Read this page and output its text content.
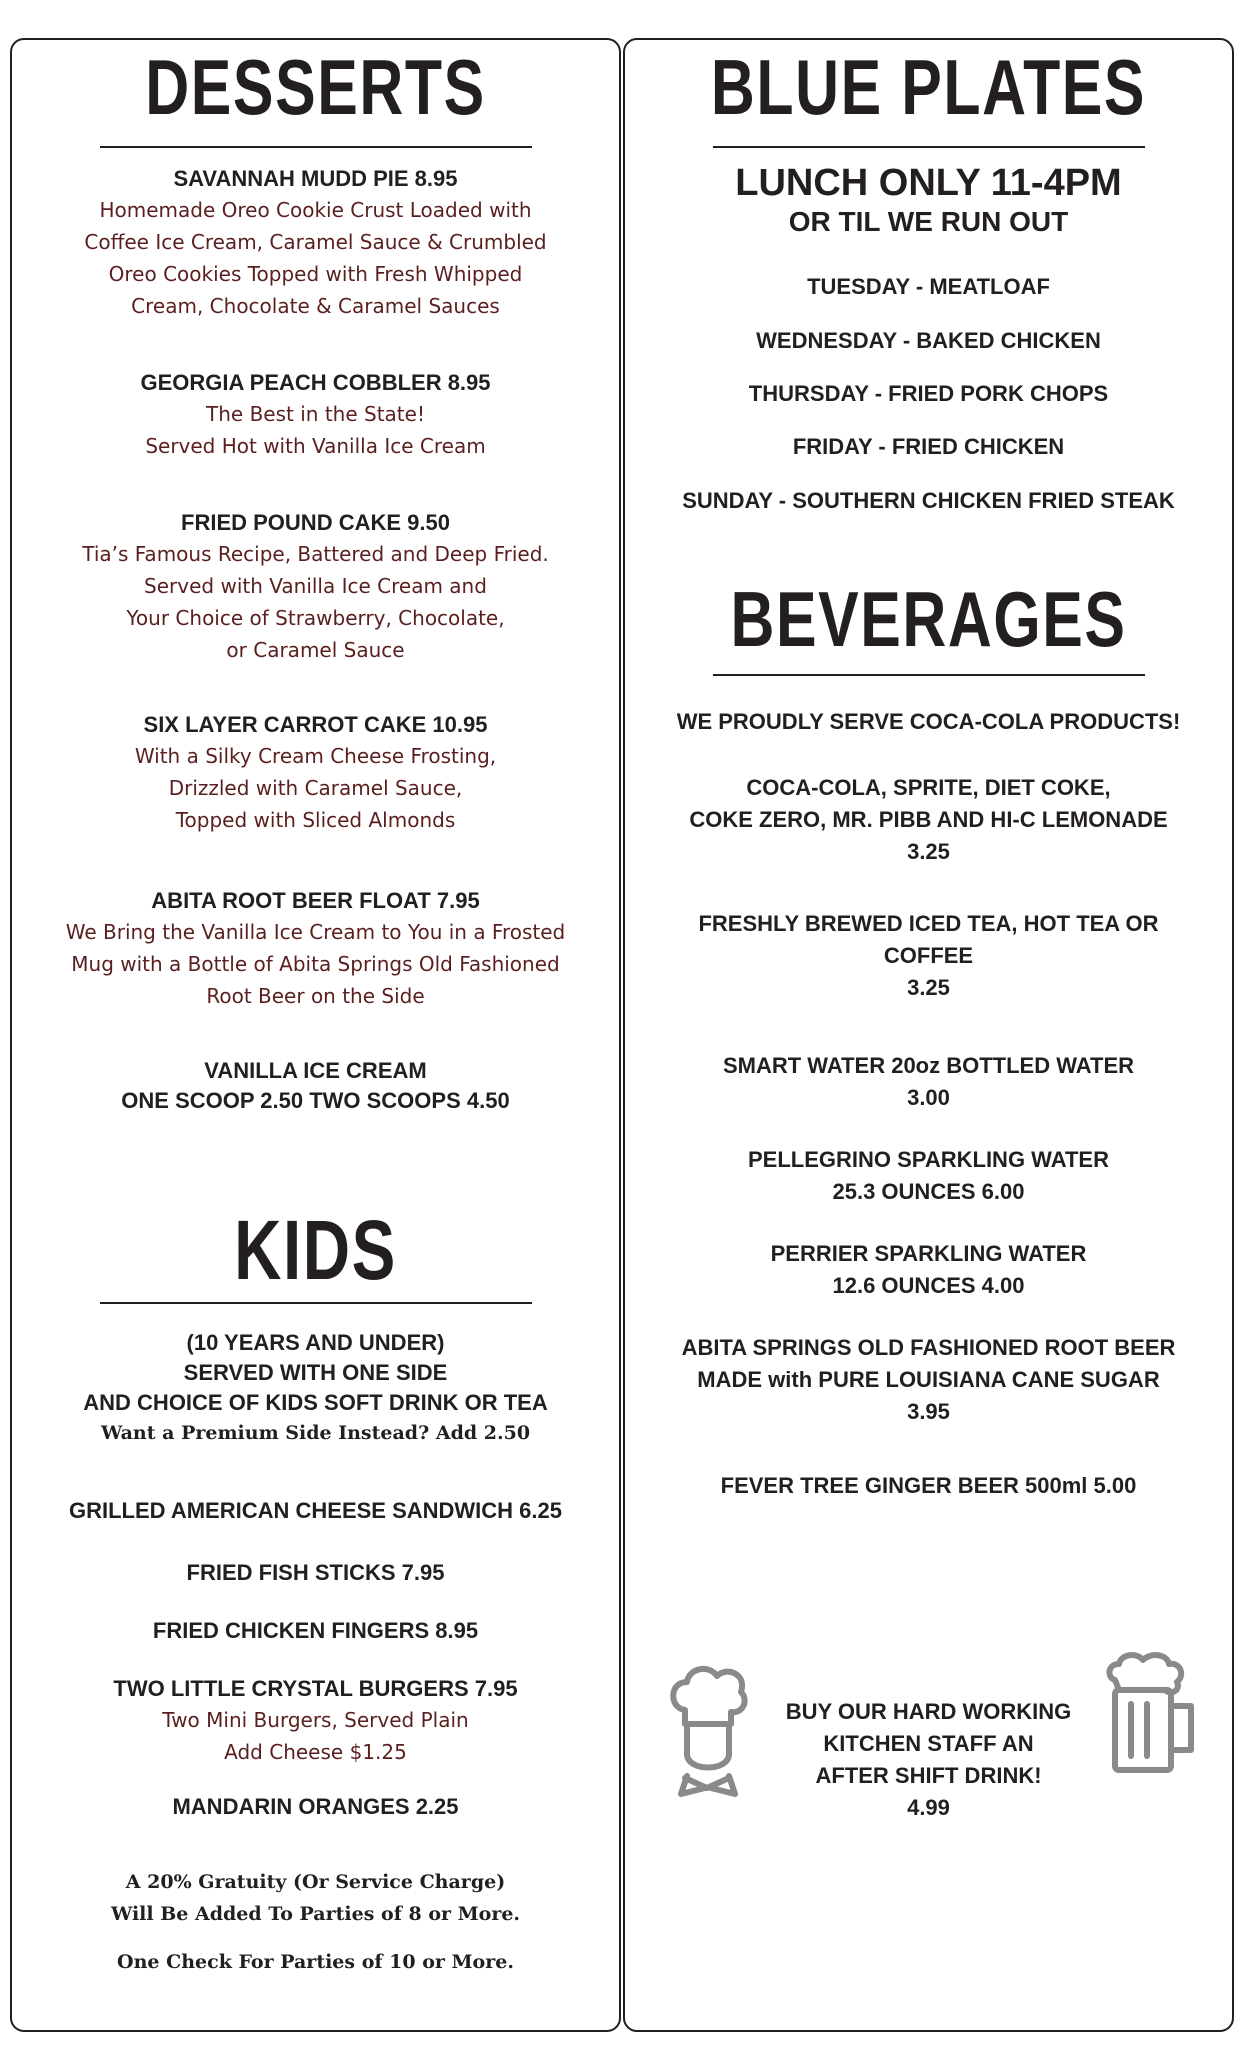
DESSERTS
SAVANNAH MUDD PIE 8.95
Homemade Oreo Cookie Crust Loaded with
Coffee Ice Cream, Caramel Sauce & Crumbled
Oreo Cookies Topped with Fresh Whipped
Cream, Chocolate & Caramel Sauces
GEORGIA PEACH COBBLER 8.95
The Best in the State!
Served Hot with Vanilla Ice Cream
FRIED POUND CAKE 9.50
Tia’s Famous Recipe, Battered and Deep Fried.
Served with Vanilla Ice Cream and
Your Choice of Strawberry, Chocolate,
or Caramel Sauce
SIX LAYER CARROT CAKE 10.95
With a Silky Cream Cheese Frosting,
Drizzled with Caramel Sauce,
Topped with Sliced Almonds
ABITA ROOT BEER FLOAT 7.95
We Bring the Vanilla Ice Cream to You in a Frosted
Mug with a Bottle of Abita Springs Old Fashioned
Root Beer on the Side
VANILLA ICE CREAM
ONE SCOOP 2.50 TWO SCOOPS 4.50
KIDS
(10 YEARS AND UNDER)
SERVED WITH ONE SIDE
AND CHOICE OF KIDS SOFT DRINK OR TEA
Want a Premium Side Instead? Add 2.50
GRILLED AMERICAN CHEESE SANDWICH 6.25
FRIED FISH STICKS 7.95
FRIED CHICKEN FINGERS 8.95
TWO LITTLE CRYSTAL BURGERS 7.95
Two Mini Burgers, Served Plain
Add Cheese $1.25
MANDARIN ORANGES 2.25
A 20% Gratuity (Or Service Charge)
Will Be Added To Parties of 8 or More.
One Check For Parties of 10 or More.
BLUE PLATES
LUNCH ONLY 11-4PM
OR TIL WE RUN OUT
TUESDAY - MEATLOAF
WEDNESDAY - BAKED CHICKEN
THURSDAY - FRIED PORK CHOPS
FRIDAY - FRIED CHICKEN
SUNDAY - SOUTHERN CHICKEN FRIED STEAK
BEVERAGES
WE PROUDLY SERVE COCA-COLA PRODUCTS!
COCA-COLA, SPRITE, DIET COKE,
COKE ZERO, MR. PIBB AND HI-C LEMONADE
3.25
FRESHLY BREWED ICED TEA, HOT TEA OR
COFFEE
3.25
SMART WATER 20oz BOTTLED WATER
3.00
PELLEGRINO SPARKLING WATER
25.3 OUNCES 6.00
PERRIER SPARKLING WATER
12.6 OUNCES 4.00
ABITA SPRINGS OLD FASHIONED ROOT BEER
MADE with PURE LOUISIANA CANE SUGAR
3.95
FEVER TREE GINGER BEER 500ml 5.00
BUY OUR HARD WORKING
KITCHEN STAFF AN
AFTER SHIFT DRINK!
4.99
